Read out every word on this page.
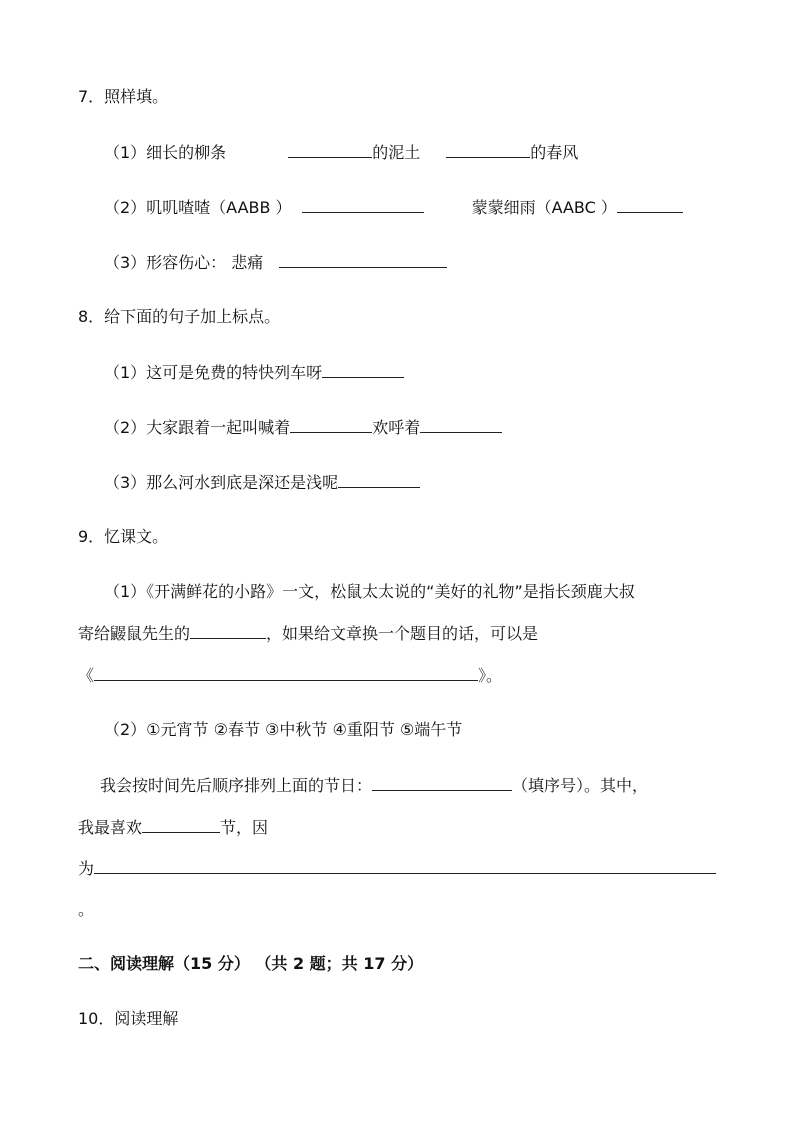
7．照样填。
（1）细长的柳条	的泥土	的春风
（2）叽叽喳喳（AABB ）	蒙蒙细雨（AABC ）
（3）形容伤心： 悲痛
8．给下面的句子加上标点。
（1）这可是免费的特快列车呀
（2）大家跟着一起叫喊着	欢呼着
（3）那么河水到底是深还是浅呢
9．忆课文。
（1）《开满鲜花的小路》一文，松鼠太太说的“美好的礼物”是指长颈鹿大叔
寄给鼹鼠先生的	，如果给文章换一个题目的话，可以是
《	》。
（2）①元宵节 ②春节 ③中秋节 ④重阳节 ⑤端午节
我会按时间先后顺序排列上面的节日：	（填序号）。其中，
我最喜欢	节，因
为
。
二、阅读理解（15 分） （共 2 题；共 17 分）
10．阅读理解
